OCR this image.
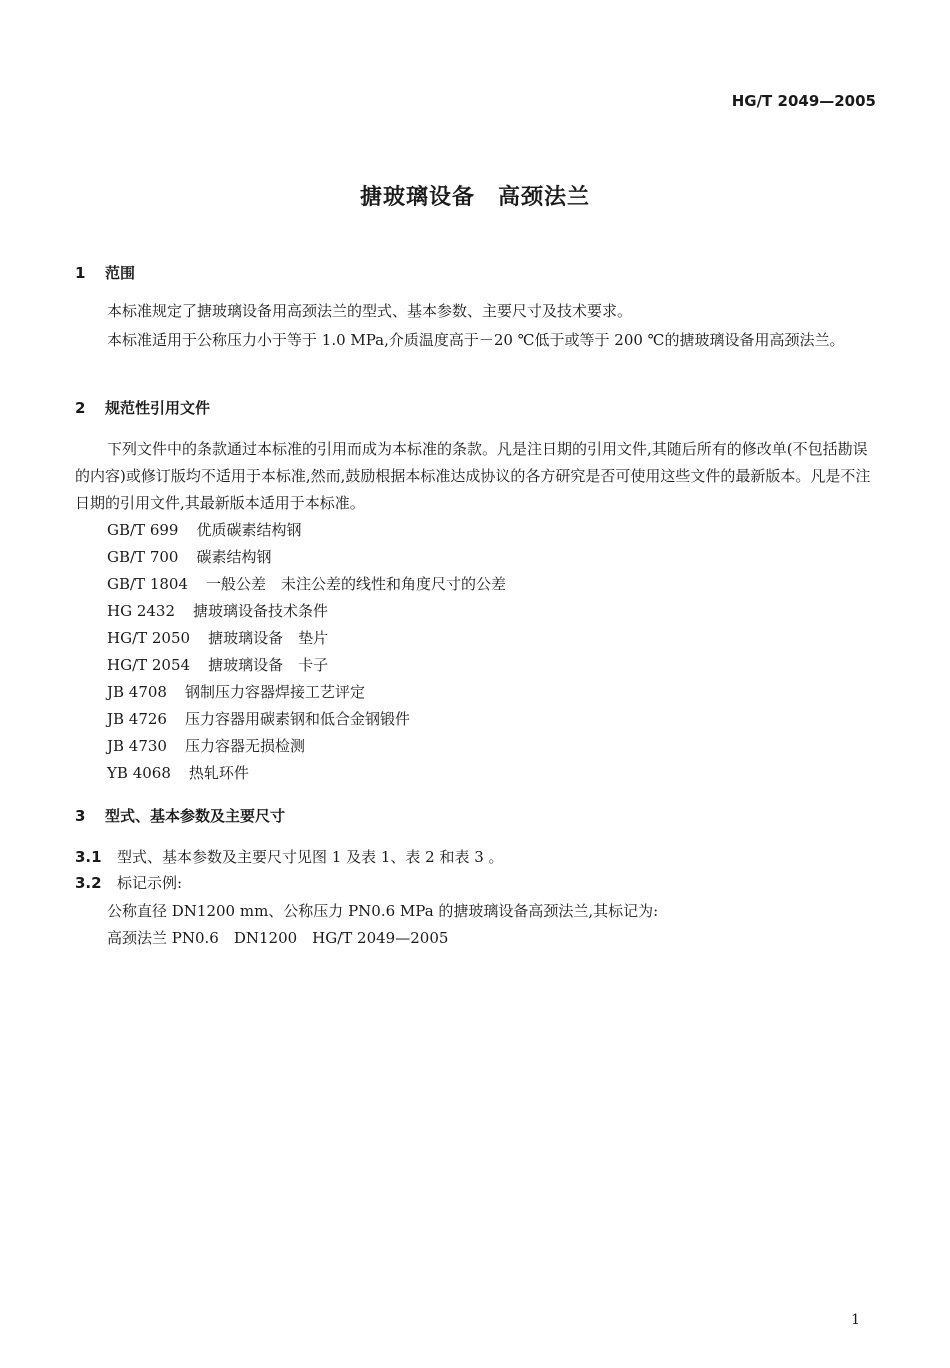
HG/T 2049—2005
搪玻璃设备　高颈法兰
1 范围
本标准规定了搪玻璃设备用高颈法兰的型式、基本参数、主要尺寸及技术要求。
本标准适用于公称压力小于等于 1.0 MPa,介质温度高于－20 ℃低于或等于 200 ℃的搪玻璃设备用高颈法兰。
2 规范性引用文件
下列文件中的条款通过本标准的引用而成为本标准的条款。凡是注日期的引用文件,其随后所有的修改单(不包括勘误的内容)或修订版均不适用于本标准,然而,鼓励根据本标准达成协议的各方研究是否可使用这些文件的最新版本。凡是不注日期的引用文件,其最新版本适用于本标准。
GB/T 699 优质碳素结构钢
GB/T 700 碳素结构钢
GB/T 1804 一般公差　未注公差的线性和角度尺寸的公差
HG 2432 搪玻璃设备技术条件
HG/T 2050 搪玻璃设备　垫片
HG/T 2054 搪玻璃设备　卡子
JB 4708 钢制压力容器焊接工艺评定
JB 4726 压力容器用碳素钢和低合金钢锻件
JB 4730 压力容器无损检测
YB 4068 热轧环件
3 型式、基本参数及主要尺寸
3.1 型式、基本参数及主要尺寸见图 1 及表 1、表 2 和表 3 。
3.2 标记示例:
公称直径 DN1200 mm、公称压力 PN0.6 MPa 的搪玻璃设备高颈法兰,其标记为:
高颈法兰 PN0.6　DN1200　HG/T 2049—2005
1
